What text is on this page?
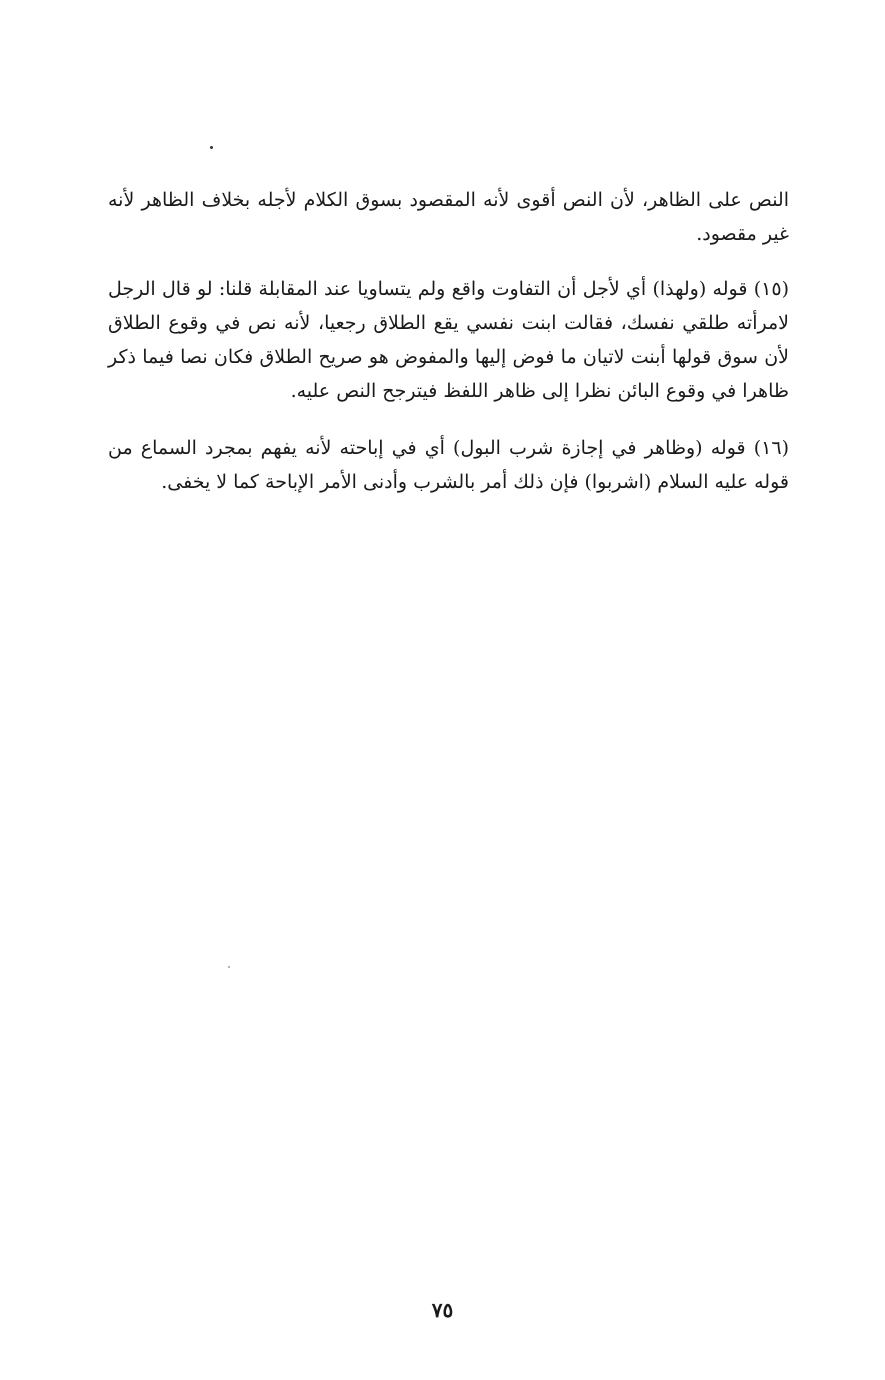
النص على الظاهر، لأن النص أقوى لأنه المقصود بسوق الكلام لأجله بخلاف الظاهر لأنه غير مقصود.

(١٥) قوله (ولهذا) أي لأجل أن التفاوت واقع ولم يتساويا عند المقابلة قلنا: لو قال الرجل لامرأته طلقي نفسك، فقالت ابنت نفسي يقع الطلاق رجعيا، لأنه نص في وقوع الطلاق لأن سوق قولها أبنت لاتيان ما فوض إليها والمفوض هو صريح الطلاق فكان نصا فيما ذكر ظاهرا في وقوع البائن نظرا إلى ظاهر اللفظ فيترجح النص عليه.

(١٦) قوله (وظاهر في إجازة شرب البول) أي في إباحته لأنه يفهم بمجرد السماع من قوله عليه السلام (اشربوا) فإن ذلك أمر بالشرب وأدنى الأمر الإباحة كما لا يخفى.

٧٥
